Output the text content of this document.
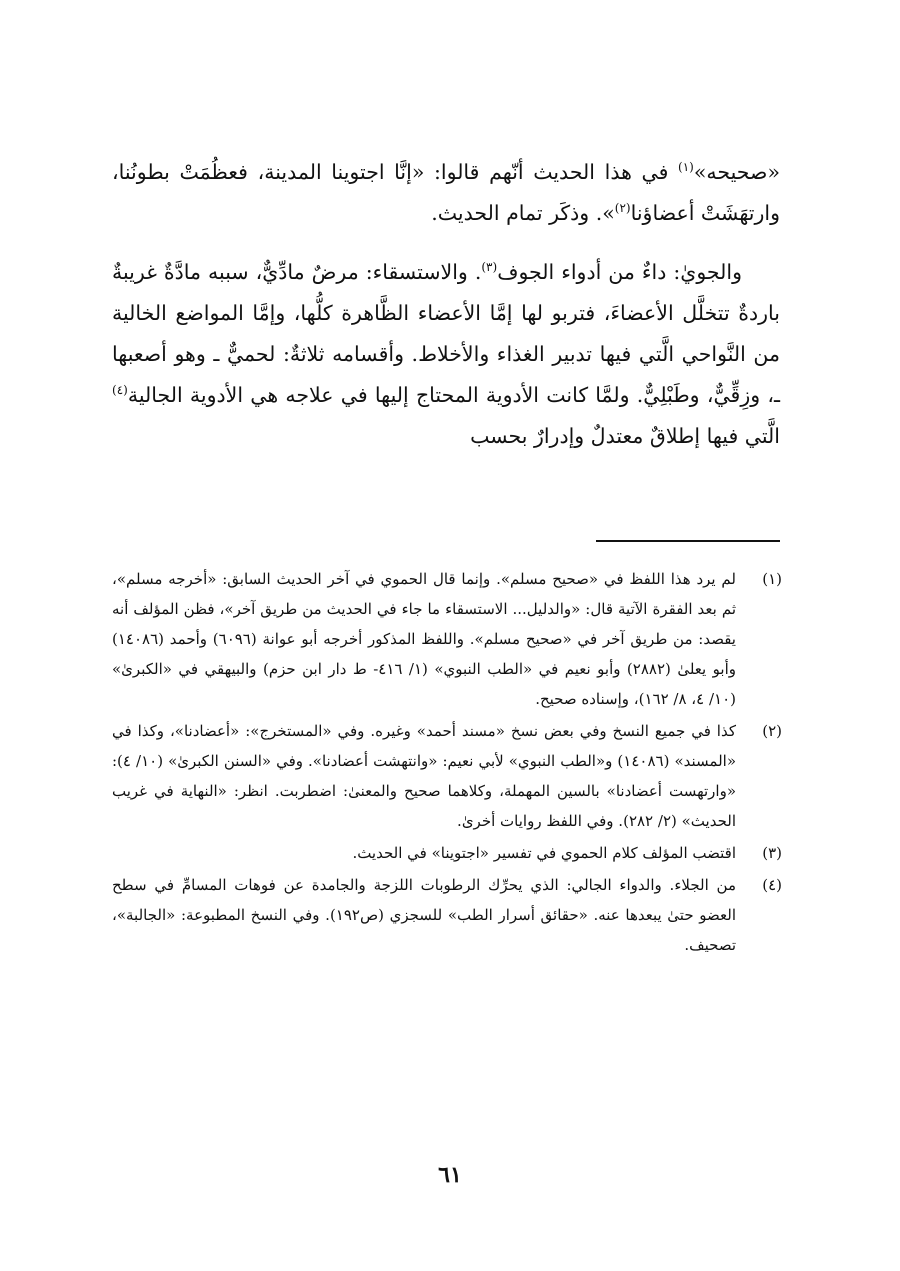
«صحيحه»$^{(١)}$ في هذا الحديث أنّهم قالوا: «إنَّا اجتوينا المدينة، فعظُمَتْ بطونُنا، وارتهَشَتْ أعضاؤنا$^{(٢)}$». وذكَر تمام الحديث.

والجويٰ: داءٌ من أدواء الجوف$^{(٣)}$. والاستسقاء: مرضٌ مادِّيٌّ، سببه مادَّةٌ غريبةٌ باردةٌ تتخلَّل الأعضاءَ، فتربو لها إمَّا الأعضاء الظَّاهرة كلُّها، وإمَّا المواضع الخالية من النَّواحي الَّتي فيها تدبير الغذاء والأخلاط. وأقسامه ثلاثةٌ: لحميٌّ ـ وهو أصعبها ـ، وزِقِّيٌّ، وطَبْلِيٌّ. ولمَّا كانت الأدوية المحتاج إليها في علاجه هي الأدوية الجالية$^{(٤)}$ الَّتي فيها إطلاقٌ معتدلٌ وإدرارٌ بحسب

(١)
لم يرد هذا اللفظ في «صحيح مسلم». وإنما قال الحموي في آخر الحديث السابق: «أخرجه مسلم»، ثم بعد الفقرة الآتية قال: «والدليل... الاستسقاء ما جاء في الحديث من طريق آخر»، فظن المؤلف أنه يقصد: من طريق آخر في «صحيح مسلم». واللفظ المذكور أخرجه أبو عوانة (٦٠٩٦) وأحمد (١٤٠٨٦) وأبو يعلىٰ (٢٨٨٢) وأبو نعيم في «الطب النبوي» (١/ ٤١٦- ط دار ابن حزم) والبيهقي في «الكبرىٰ» (١٠/ ٤، ٨/ ١٦٢)، وإسناده صحيح.
(٢)
كذا في جميع النسخ وفي بعض نسخ «مسند أحمد» وغيره. وفي «المستخرج»: «أعضادنا»، وكذا في «المسند» (١٤٠٨٦) و«الطب النبوي» لأبي نعيم: «وانتهشت أعضادنا». وفي «السنن الكبرىٰ» (١٠/ ٤): «وارتهست أعضادنا» بالسين المهملة، وكلاهما صحيح والمعنىٰ: اضطربت. انظر: «النهاية في غريب الحديث» (٢/ ٢٨٢). وفي اللفظ روايات أخرىٰ.
(٣)
اقتضب المؤلف كلام الحموي في تفسير «اجتوينا» في الحديث.
(٤)
من الجلاء. والدواء الجالي: الذي يحرِّك الرطوبات اللزجة والجامدة عن فوهات المسامِّ في سطح العضو حتىٰ يبعدها عنه. «حقائق أسرار الطب» للسجزي (ص١٩٢). وفي النسخ المطبوعة: «الجالبة»، تصحيف.
٦١
